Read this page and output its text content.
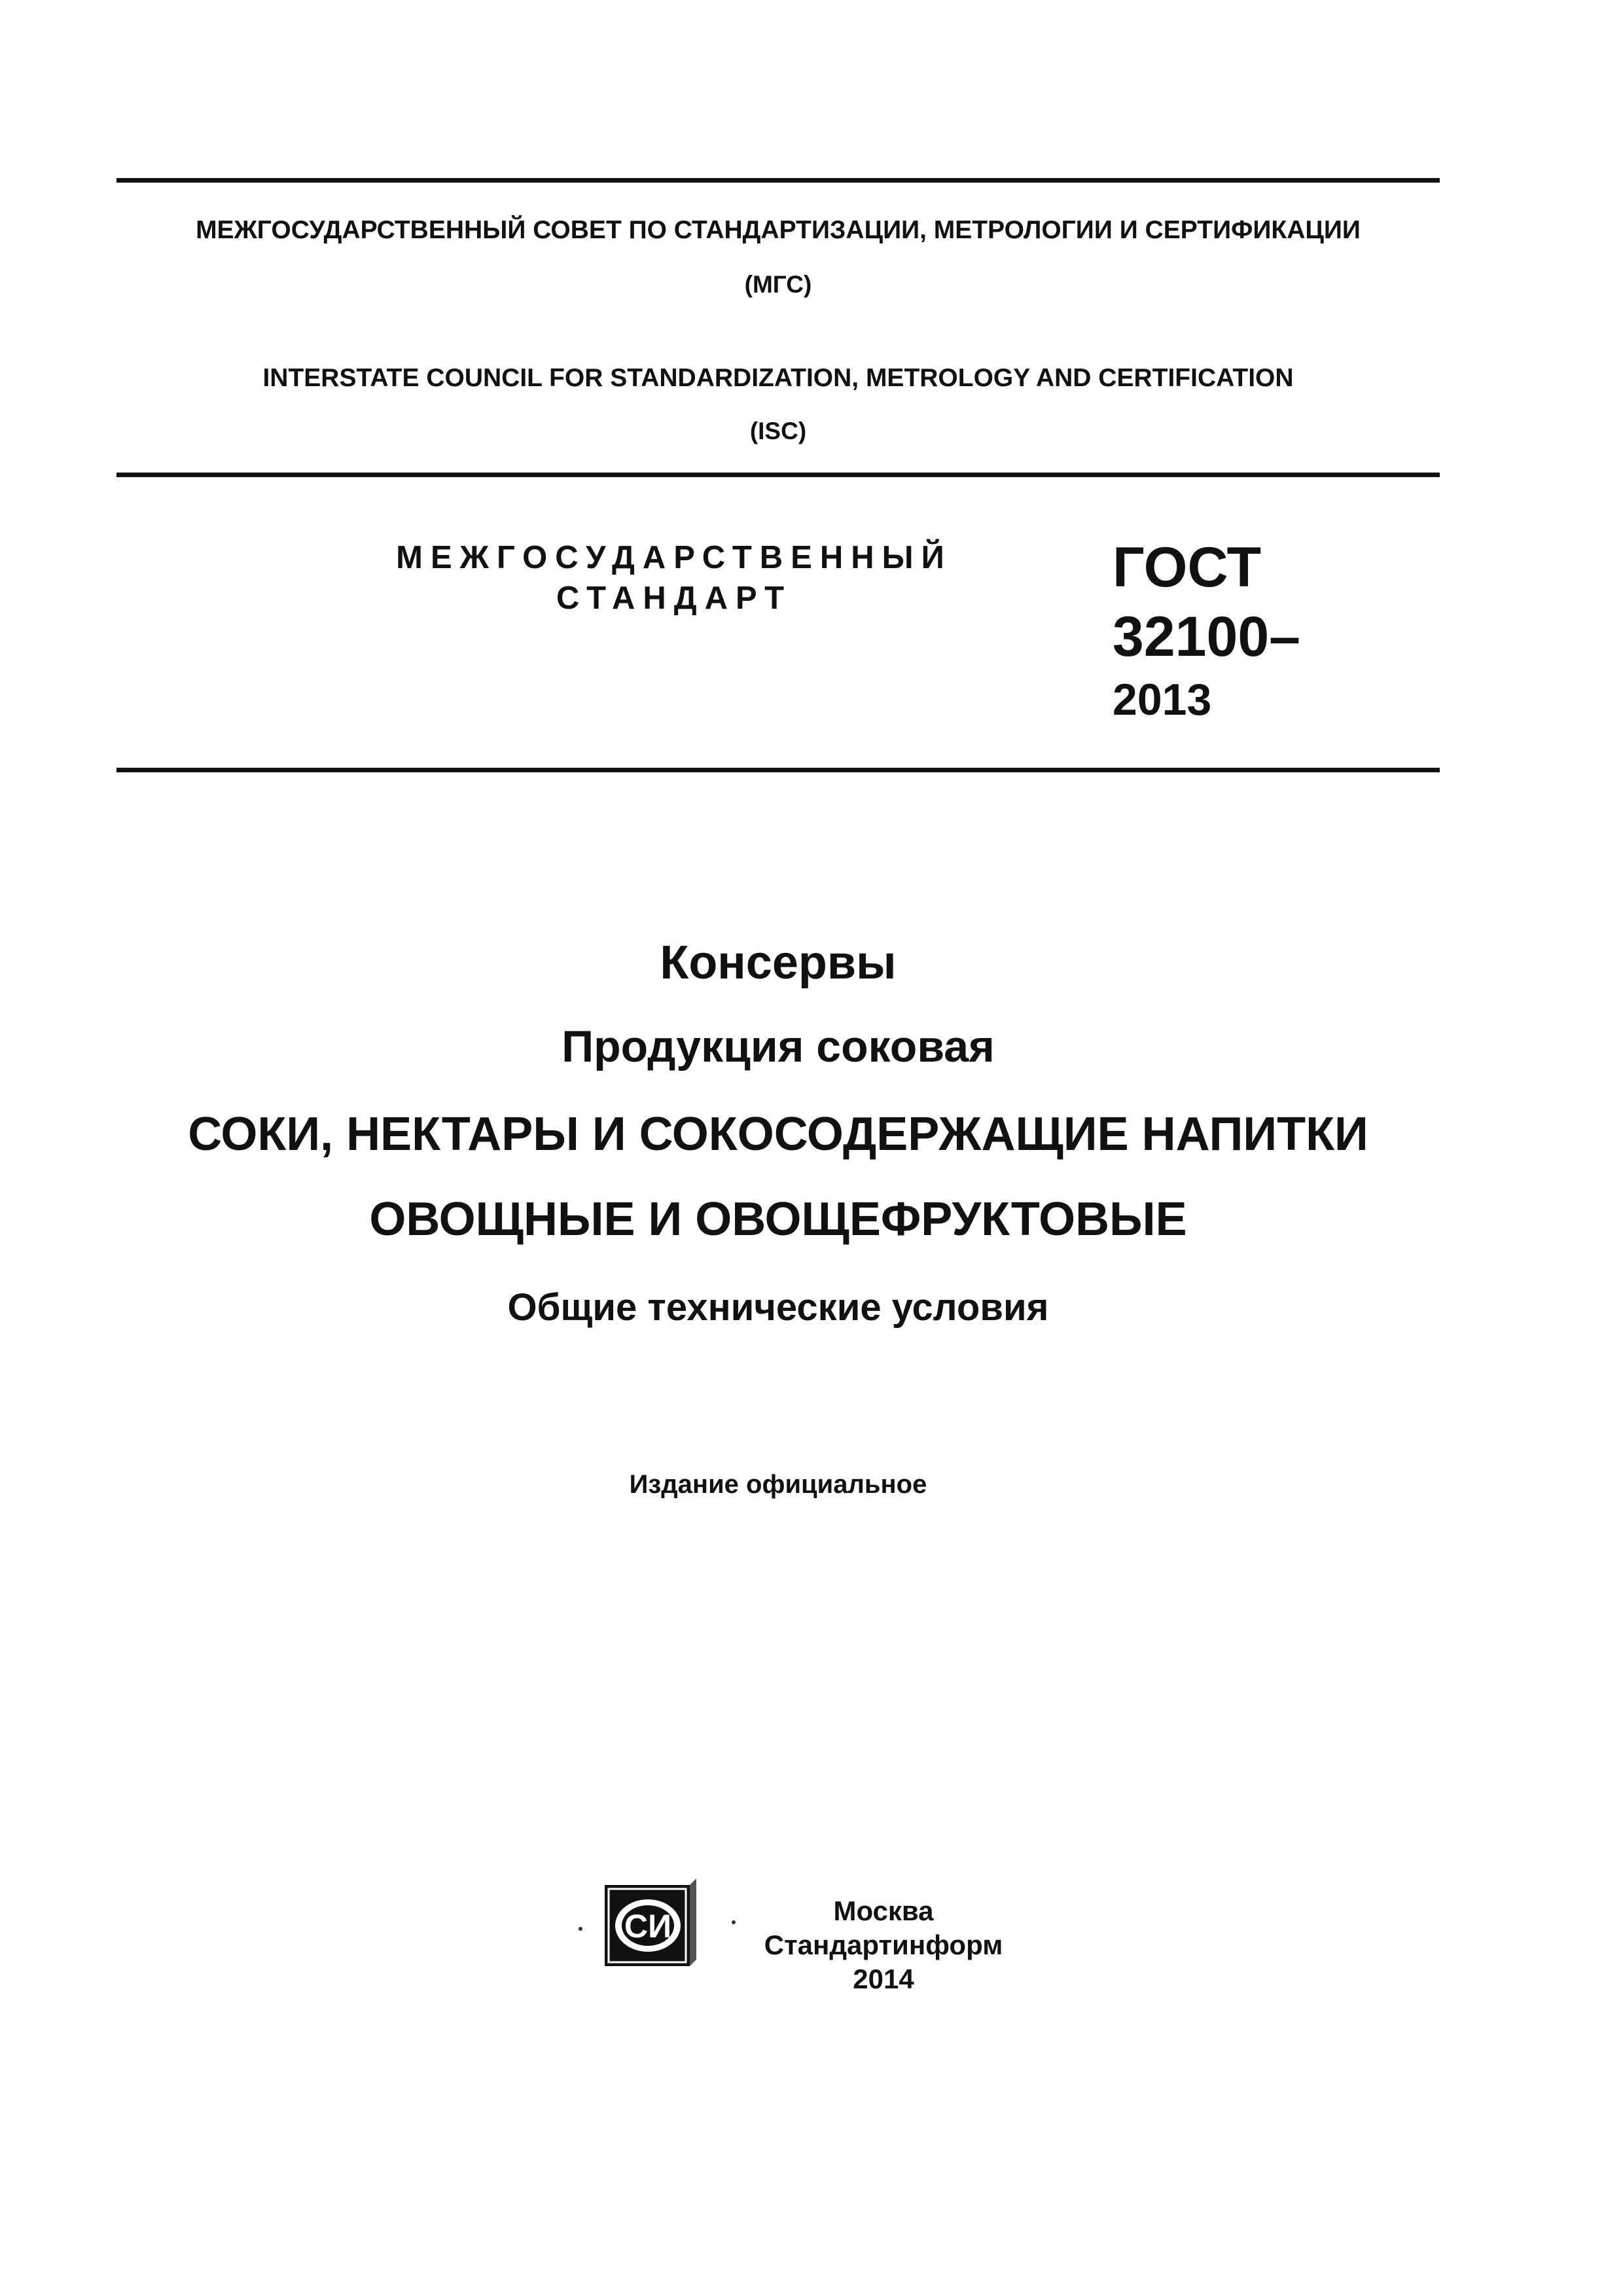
МЕЖГОСУДАРСТВЕННЫЙ СОВЕТ ПО СТАНДАРТИЗАЦИИ, МЕТРОЛОГИИ И СЕРТИФИКАЦИИ
(МГС)
INTERSTATE COUNCIL FOR STANDARDIZATION, METROLOGY AND CERTIFICATION
(ISC)
МЕЖГОСУДАРСТВЕННЫЙ
СТАНДАРТ	ГОСТ
32100–
2013
Консервы
Продукция соковая
СОКИ, НЕКТАРЫ И СОКОСОДЕРЖАЩИЕ НАПИТКИ
ОВОЩНЫЕ И ОВОЩЕФРУКТОВЫЕ
Общие технические условия
Издание официальное
СИ	Москва
Стандартинформ
2014
